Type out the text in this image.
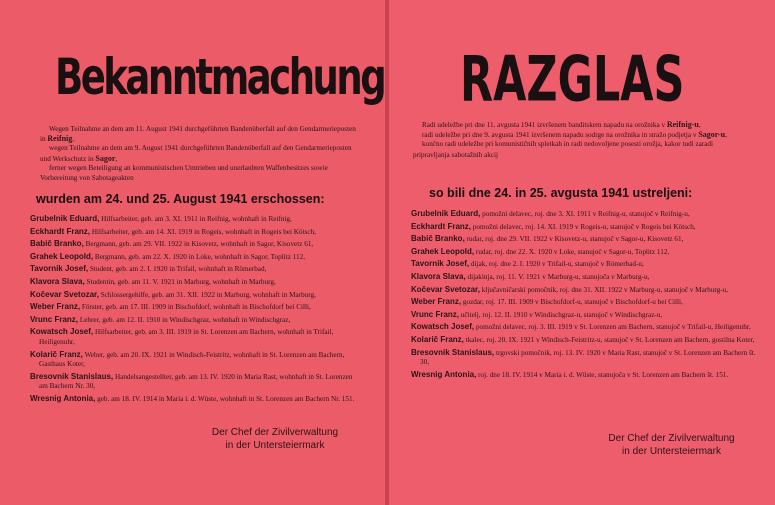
Bekanntmachung

Wegen Teilnahme an dem am 11. August 1941 durchgeführten Bandenüberfall auf den Gendarmerieposten in Reifnig,

wegen Teilnahme an dem am 9. August 1941 durchgeführten Bandenüberfall auf den Gendarmerieposten und Werkschutz in Sagor,

ferner wegen Beteiligung an kommunistischen Umtrieben und unerlaubten Waffenbesitzes sowie Vorbereitung von Sabotageakten

wurden am 24. und 25. August 1941 erschossen:
Grubelnik Eduard, Hilfsarbeiter, geb. am 3. XI. 1911 in Reifnig, wohnhaft in Reifnig,
Eckhardt Franz, Hilfsarbeiter, geb. am 14. XI. 1919 in Rogeis, wohnhaft in Rogeis bei Kötsch,
Babič Branko, Bergmann, geb. am 29. VII. 1922 in Kisovetz, wohnhaft in Sagor, Kisovetz 61,
Grahek Leopold, Bergmann, geb. am 22. X. 1920 in Loke, wohnhaft in Sagor, Toplitz 112,
Tavornik Josef, Student, geb. am 2. I. 1920 in Trifail, wohnhaft in Römerbad,
Klavora Slava, Studentin, geb. am 11. V. 1921 in Marburg, wohnhaft in Marburg,
Kočevar Svetozar, Schlossergehilfe, geb. am 31. XII. 1922 in Marburg, wohnhaft in Marburg,
Weber Franz, Förster, geb. am 17. III. 1909 in Bischofdorf, wohnhaft in Bischofdorf bei Cilli,
Vrunc Franz, Lehrer, geb. am 12. II. 1910 in Windischgraz, wohnhaft in Windischgraz,
Kowatsch Josef, Hilfsarbeiter, geb. am 3. III. 1919 in St. Lorenzen am Bachern, wohnhaft in Trifail, Heiligenuhr,
Kolarič Franz, Weber, geb. am 20. IX. 1921 in Windisch-Feistritz, wohnhaft in St. Lorenzen am Bachern, Gasthaus Koter,
Bresovnik Stanislaus, Handelsangestellter, geb. am 13. IV. 1920 in Maria Rast, wohnhaft in St. Lorenzen am Bachern Nr. 30,
Wresnig Antonia, geb. am 18. IV. 1914 in Maria i. d. Wüste, wohnhaft in St. Lorenzen am Bachern Nr. 151.
Der Chef der Zivilverwaltung
in der Untersteiermark
RAZGLAS

Radi udeležbe pri dne 11. avgusta 1941 izvršenem banditskem napadu na orožnika v Reifnig-u,

radi udeležbe pri dne 9. avgusta 1941 izvršenem napadu sodrge na orožnika in stražo podjetja v Sagor-u,

končno radi udeležbe pri komunističnih spletkah in radi nedovoljene posesti orožja, kakor tudi zaradi pripravljanja sabotažnih akcij

so bili dne 24. in 25. avgusta 1941 ustreljeni:
Grubelnik Eduard, pomožni delavec, roj. dne 3. XI. 1911 v Reifnig-u, stanujoč v Reifnig-u,
Eckhardt Franz, pomožni delavec, roj. 14. XI. 1919 v Rogeis-u, stanujoč v Rogeis bei Kötsch,
Babič Branko, rudar, roj. dne 29. VII. 1922 v Kisovetz-u, stanujoč v Sagor-u, Kisovetz 61,
Grahek Leopold, rudar, roj. dne 22. X. 1920 v Loke, stanujoč v Sagor-u, Toplitz 112,
Tavornik Josef, dijak, roj. dne 2. I. 1920 v Trifail-u, stanujoč v Römerbad-u,
Klavora Slava, dijakinja, roj. 11. V. 1921 v Marburg-u, stanujoča v Marburg-u,
Kočevar Svetozar, ključavničarski pomočnik, roj. dne 31. XII. 1922 v Marburg-u, stanujoč v Marburg-u,
Weber Franz, gozdar, roj. 17. III. 1909 v Bischofdorf-u, stanujoč v Bischofdorf-u bei Cilli,
Vrunc Franz, učitelj, roj. 12. II. 1910 v Windischgraz-u, stanujoč v Windischgraz-u,
Kowatsch Josef, pomožni delavec, roj. 3. III. 1919 v St. Lorenzen am Bachern, stanujoč v Trifail-u, Heiligenuhr,
Kolarič Franz, tkalec, roj. 20. IX. 1921 v Windisch-Feistritz-u, stanujoč v St. Lorenzen am Bachern, gostilna Koter,
Bresovnik Stanislaus, trgovski pomočnik, roj. 13. IV. 1920 v Maria Rast, stanujoč v St. Lorenzen am Bachern št. 30,
Wresnig Antonia, roj. dne 18. IV. 1914 v Maria i. d. Wüste, stanujoča v St. Lorenzen am Bachern št. 151.
Der Chef der Zivilverwaltung
in der Untersteiermark
